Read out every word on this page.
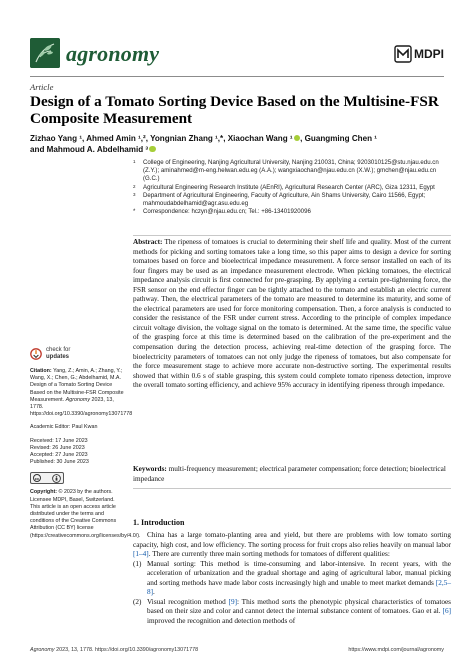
agronomy	MDPI
Article
Design of a Tomato Sorting Device Based on the Multisine-FSR Composite Measurement
Zizhao Yang ¹, Ahmed Amin ¹,², Yongnian Zhang ¹,*, Xiaochan Wang ¹ , Guangming Chen ¹
and Mahmoud A. Abdelhamid ³
1 College of Engineering, Nanjing Agricultural University, Nanjing 210031, China; 9203010125@stu.njau.edu.cn (Z.Y.); aminahmed@m-eng.helwan.edu.eg (A.A.); wangxiaochan@njau.edu.cn (X.W.); gmchen@njau.edu.cn (G.C.)
2 Agricultural Engineering Research Institute (AEnRI), Agricultural Research Center (ARC), Giza 12311, Egypt
3 Department of Agricultural Engineering, Faculty of Agriculture, Ain Shams University, Cairo 11566, Egypt; mahmoudabdelhamid@agr.asu.edu.eg
* Correspondence: hczyn@njau.edu.cn; Tel.: +86-13401920096
Abstract: The ripeness of tomatoes is crucial to determining their shelf life and quality. Most of the current methods for picking and sorting tomatoes take a long time, so this paper aims to design a device for sorting tomatoes based on force and bioelectrical impedance measurement. A force sensor installed on each of its four fingers may be used as an impedance measurement electrode. When picking tomatoes, the electrical impedance analysis circuit is first connected for pre-grasping. By applying a certain pre-tightening force, the FSR sensor on the end effector finger can be tightly attached to the tomato and establish an electric current pathway. Then, the electrical parameters of the tomato are measured to determine its maturity, and some of the electrical parameters are used for force monitoring compensation. Then, a force analysis is conducted to consider the resistance of the FSR under current stress. According to the principle of complex impedance circuit voltage division, the voltage signal on the tomato is determined. At the same time, the specific value of the grasping force at this time is determined based on the calibration of the pre-experiment and the compensation during the detection process, achieving real-time detection of the grasping force. The bioelectricity parameters of tomatoes can not only judge the ripeness of tomatoes, but also compensate for the force measurement stage to achieve more accurate non-destructive sorting. The experimental results showed that within 0.6 s of stable grasping, this system could complete tomato ripeness detection, improve the overall tomato sorting efficiency, and achieve 95% accuracy in identifying ripeness through impedance.
Keywords: multi-frequency measurement; electrical parameter compensation; force detection; bioelectrical impedance
check for
updates
Citation: Yang, Z.; Amin, A.; Zhang, Y.; Wang, X.; Chen, G.; Abdelhamid, M.A. Design of a Tomato Sorting Device Based on the Multisine-FSR Composite Measurement. Agronomy 2023, 13, 1778. https://doi.org/10.3390/agronomy13071778
Academic Editor: Paul Kwan
Received: 17 June 2023
Revised: 26 June 2023
Accepted: 27 June 2023
Published: 30 June 2023
cc
Copyright: © 2023 by the authors. Licensee MDPI, Basel, Switzerland. This article is an open access article distributed under the terms and conditions of the Creative Commons Attribution (CC BY) license (https://creativecommons.org/licenses/by/4.0/).
1. Introduction

China has a large tomato-planting area and yield, but there are problems with low tomato sorting capacity, high cost, and low efficiency. The sorting process for fruit crops also relies heavily on manual labor [1–4]. There are currently three main sorting methods for tomatoes of different qualities:

(1) Manual sorting: This method is time-consuming and labor-intensive. In recent years, with the acceleration of urbanization and the gradual shortage and aging of agricultural labor, manual picking and sorting methods have made labor costs increasingly high and unable to meet market demands [2,5–8].
(2) Visual recognition method [9]: This method sorts the phenotypic physical characteristics of tomatoes based on their size and color and cannot detect the internal substance content of tomatoes. Gao et al. [6] improved the recognition and detection methods of
Agronomy 2023, 13, 1778. https://doi.org/10.3390/agronomy13071778	https://www.mdpi.com/journal/agronomy
